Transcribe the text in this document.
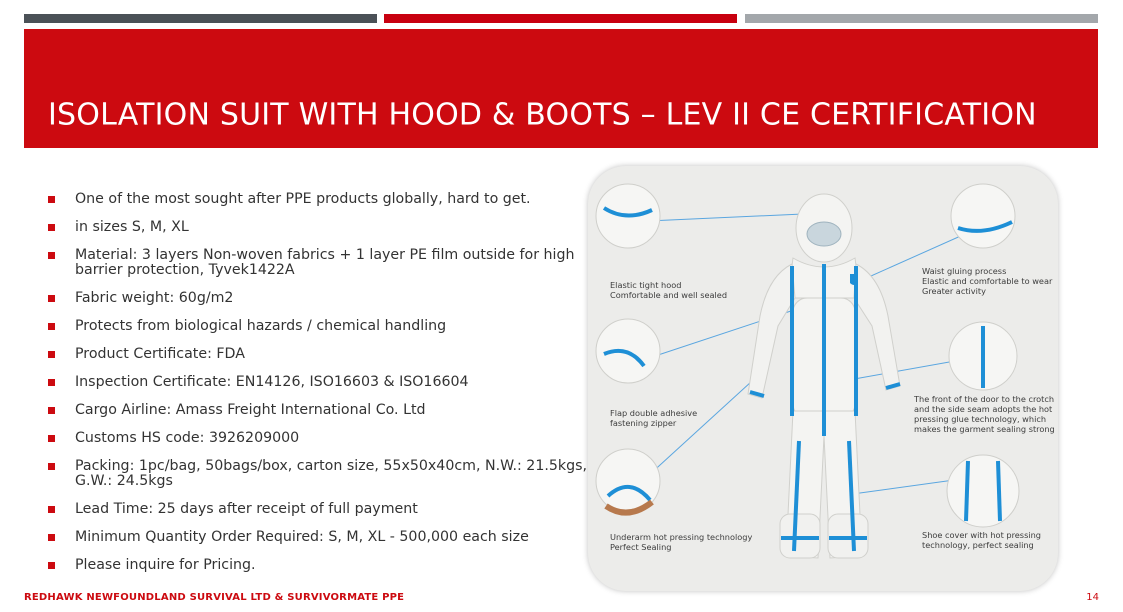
ISOLATION SUIT WITH HOOD & BOOTS – LEV II CE CERTIFICATION
One of the most sought after PPE products globally, hard to get.
in sizes S, M, XL
Material: 3 layers Non-woven fabrics + 1 layer PE film outside for high barrier protection, Tyvek1422A
Fabric weight: 60g/m2
Protects from biological hazards / chemical handling
Product Certificate: FDA
Inspection Certificate: EN14126, ISO16603 & ISO16604
Cargo Airline: Amass Freight International Co. Ltd
Customs HS code: 3926209000
Packing: 1pc/bag, 50bags/box, carton size, 55x50x40cm, N.W.: 21.5kgs, G.W.: 24.5kgs
Lead Time: 25 days after receipt of full payment
Minimum Quantity Order Required: S, M, XL - 500,000 each size
Please inquire for Pricing.
Elastic tight hood
Comfortable and well sealed
Waist gluing process
Elastic and comfortable to wear
Greater activity
Flap double adhesive
fastening zipper
The front of the door to the crotch
and the side seam adopts the hot
pressing glue technology, which
makes the garment sealing strong
Underarm hot pressing technology
Perfect Sealing
Shoe cover with hot pressing
technology, perfect sealing
REDHAWK NEWFOUNDLAND SURVIVAL LTD & SURVIVORMATE PPE	14
